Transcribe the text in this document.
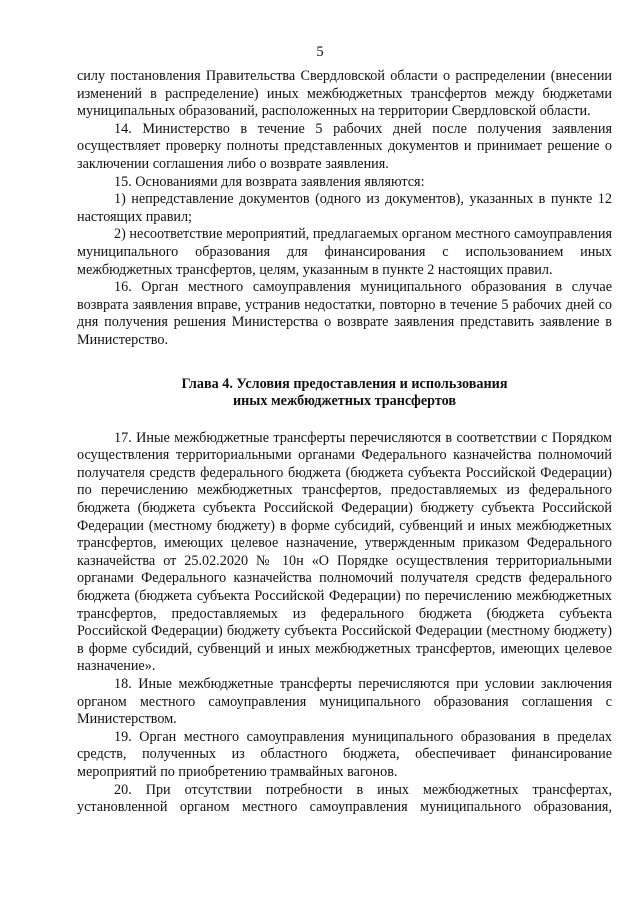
5

силу постановления Правительства Свердловской области о распределении (внесении изменений в распределение) иных межбюджетных трансфертов между бюджетами муниципальных образований, расположенных на территории Свердловской области.

14. Министерство в течение 5 рабочих дней после получения заявления осуществляет проверку полноты представленных документов и принимает решение о заключении соглашения либо о возврате заявления.

15. Основаниями для возврата заявления являются:

1) непредставление документов (одного из документов), указанных в пункте 12 настоящих правил;

2) несоответствие мероприятий, предлагаемых органом местного самоуправления муниципального образования для финансирования с использованием иных межбюджетных трансфертов, целям, указанным в пункте 2 настоящих правил.

16. Орган местного самоуправления муниципального образования в случае возврата заявления вправе, устранив недостатки, повторно в течение 5 рабочих дней со дня получения решения Министерства о возврате заявления представить заявление в Министерство.

Глава 4. Условия предоставления и использования
иных межбюджетных трансфертов

17. Иные межбюджетные трансферты перечисляются в соответствии с Порядком осуществления территориальными органами Федерального казначейства полномочий получателя средств федерального бюджета (бюджета субъекта Российской Федерации) по перечислению межбюджетных трансфертов, предоставляемых из федерального бюджета (бюджета субъекта Российской Федерации) бюджету субъекта Российской Федерации (местному бюджету) в форме субсидий, субвенций и иных межбюджетных трансфертов, имеющих целевое назначение, утвержденным приказом Федерального казначейства от 25.02.2020 № 10н «О Порядке осуществления территориальными органами Федерального казначейства полномочий получателя средств федерального бюджета (бюджета субъекта Российской Федерации) по перечислению межбюджетных трансфертов, предоставляемых из федерального бюджета (бюджета субъекта Российской Федерации) бюджету субъекта Российской Федерации (местному бюджету) в форме субсидий, субвенций и иных межбюджетных трансфертов, имеющих целевое назначение».

18. Иные межбюджетные трансферты перечисляются при условии заключения органом местного самоуправления муниципального образования соглашения с Министерством.

19. Орган местного самоуправления муниципального образования в пределах средств, полученных из областного бюджета, обеспечивает финансирование мероприятий по приобретению трамвайных вагонов.

20. При отсутствии потребности в иных межбюджетных трансфертах, установленной органом местного самоуправления муниципального образования,
